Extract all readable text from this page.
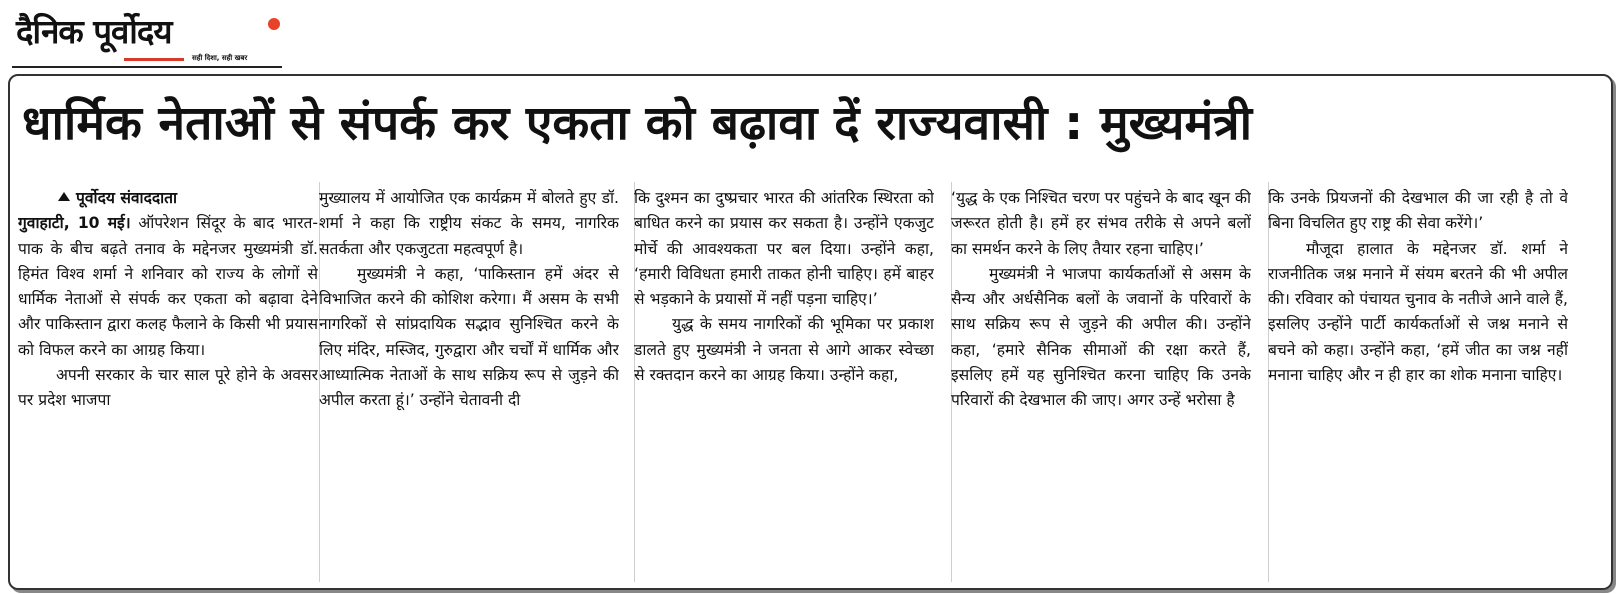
दैनिक पूर्वोदय
सही दिशा, सही खबर
धार्मिक नेताओं से संपर्क कर एकता को बढ़ावा दें राज्यवासी : मुख्यमंत्री

पूर्वोदय संवाददाता

गुवाहाटी, 10 मई। ऑपरेशन सिंदूर के बाद भारत-पाक के बीच बढ़ते तनाव के मद्देनजर मुख्यमंत्री डॉ. हिमंत विश्व शर्मा ने शनिवार को राज्य के लोगों से धार्मिक नेताओं से संपर्क कर एकता को बढ़ावा देने और पाकिस्तान द्वारा कलह फैलाने के किसी भी प्रयास को विफल करने का आग्रह किया।

अपनी सरकार के चार साल पूरे होने के अवसर पर प्रदेश भाजपा

मुख्यालय में आयोजित एक कार्यक्रम में बोलते हुए डॉ. शर्मा ने कहा कि राष्ट्रीय संकट के समय, नागरिक सतर्कता और एकजुटता महत्वपूर्ण है।

मुख्यमंत्री ने कहा, ‘पाकिस्तान हमें अंदर से विभाजित करने की कोशिश करेगा। मैं असम के सभी नागरिकों से सांप्रदायिक सद्भाव सुनिश्चित करने के लिए मंदिर, मस्जिद, गुरुद्वारा और चर्चों में धार्मिक और आध्यात्मिक नेताओं के साथ सक्रिय रूप से जुड़ने की अपील करता हूं।’ उन्होंने चेतावनी दी

कि दुश्मन का दुष्प्रचार भारत की आंतरिक स्थिरता को बाधित करने का प्रयास कर सकता है। उन्होंने एकजुट मोर्चे की आवश्यकता पर बल दिया। उन्होंने कहा, ‘हमारी विविधता हमारी ताकत होनी चाहिए। हमें बाहर से भड़काने के प्रयासों में नहीं पड़ना चाहिए।’

युद्ध के समय नागरिकों की भूमिका पर प्रकाश डालते हुए मुख्यमंत्री ने जनता से आगे आकर स्वेच्छा से रक्तदान करने का आग्रह किया। उन्होंने कहा,

‘युद्ध के एक निश्चित चरण पर पहुंचने के बाद खून की जरूरत होती है। हमें हर संभव तरीके से अपने बलों का समर्थन करने के लिए तैयार रहना चाहिए।’

मुख्यमंत्री ने भाजपा कार्यकर्ताओं से असम के सैन्य और अर्धसैनिक बलों के जवानों के परिवारों के साथ सक्रिय रूप से जुड़ने की अपील की। उन्होंने कहा, ‘हमारे सैनिक सीमाओं की रक्षा करते हैं, इसलिए हमें यह सुनिश्चित करना चाहिए कि उनके परिवारों की देखभाल की जाए। अगर उन्हें भरोसा है

कि उनके प्रियजनों की देखभाल की जा रही है तो वे बिना विचलित हुए राष्ट्र की सेवा करेंगे।’

मौजूदा हालात के मद्देनजर डॉ. शर्मा ने राजनीतिक जश्न मनाने में संयम बरतने की भी अपील की। रविवार को पंचायत चुनाव के नतीजे आने वाले हैं, इसलिए उन्होंने पार्टी कार्यकर्ताओं से जश्न मनाने से बचने को कहा। उन्होंने कहा, ‘हमें जीत का जश्न नहीं मनाना चाहिए और न ही हार का शोक मनाना चाहिए।
